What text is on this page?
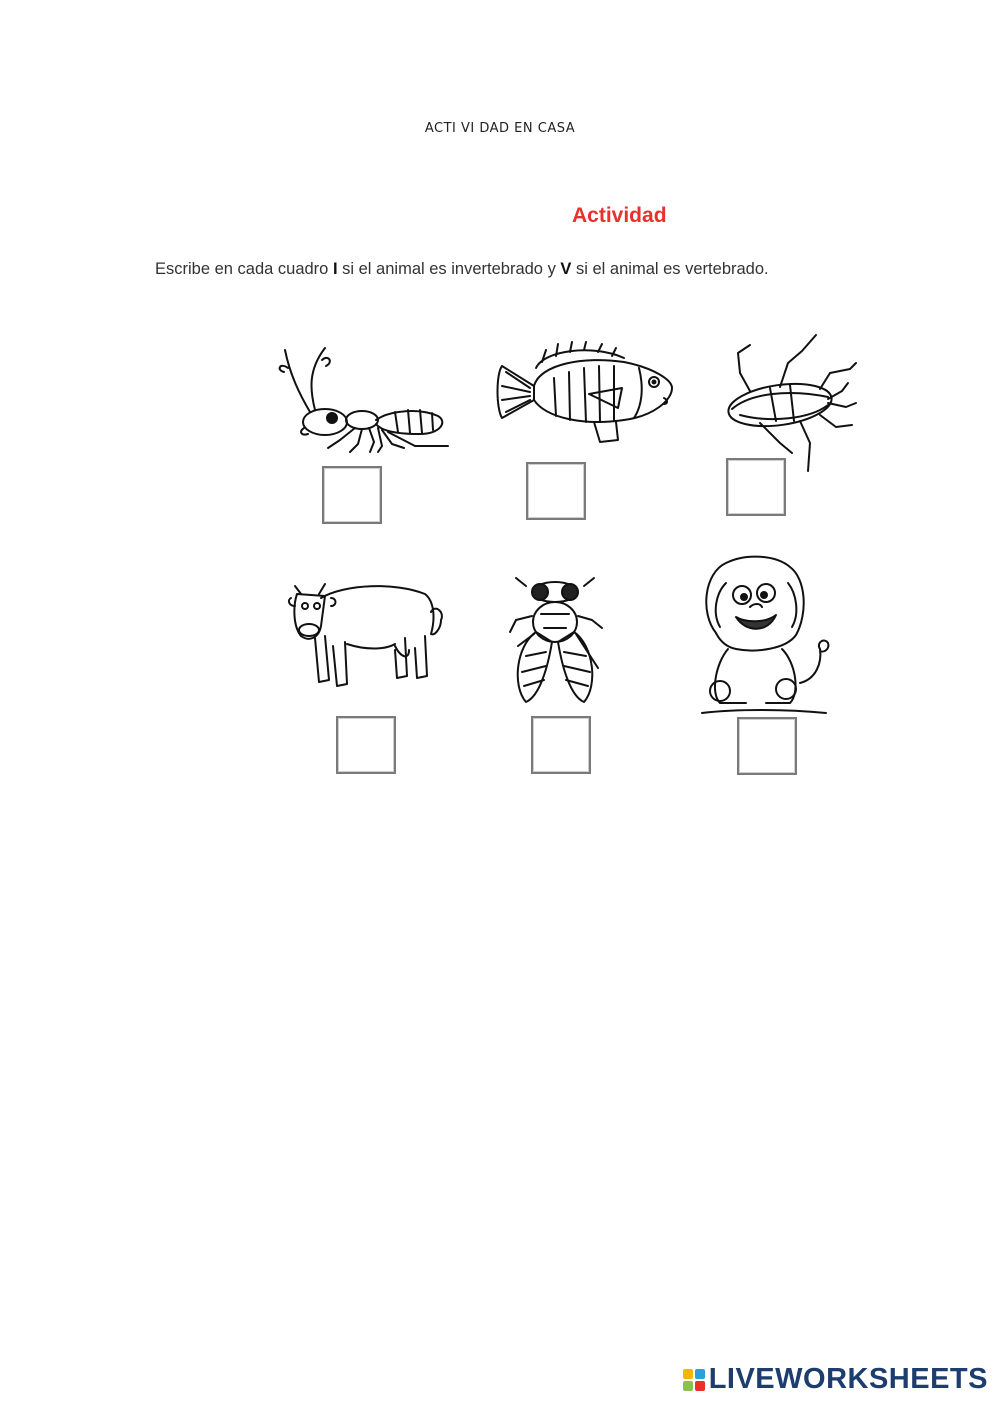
ACTI VI DAD EN CASA
Actividad
Escribe en cada cuadro I si el animal es invertebrado y V si el animal es vertebrado.
LIVEWORKSHEETS
